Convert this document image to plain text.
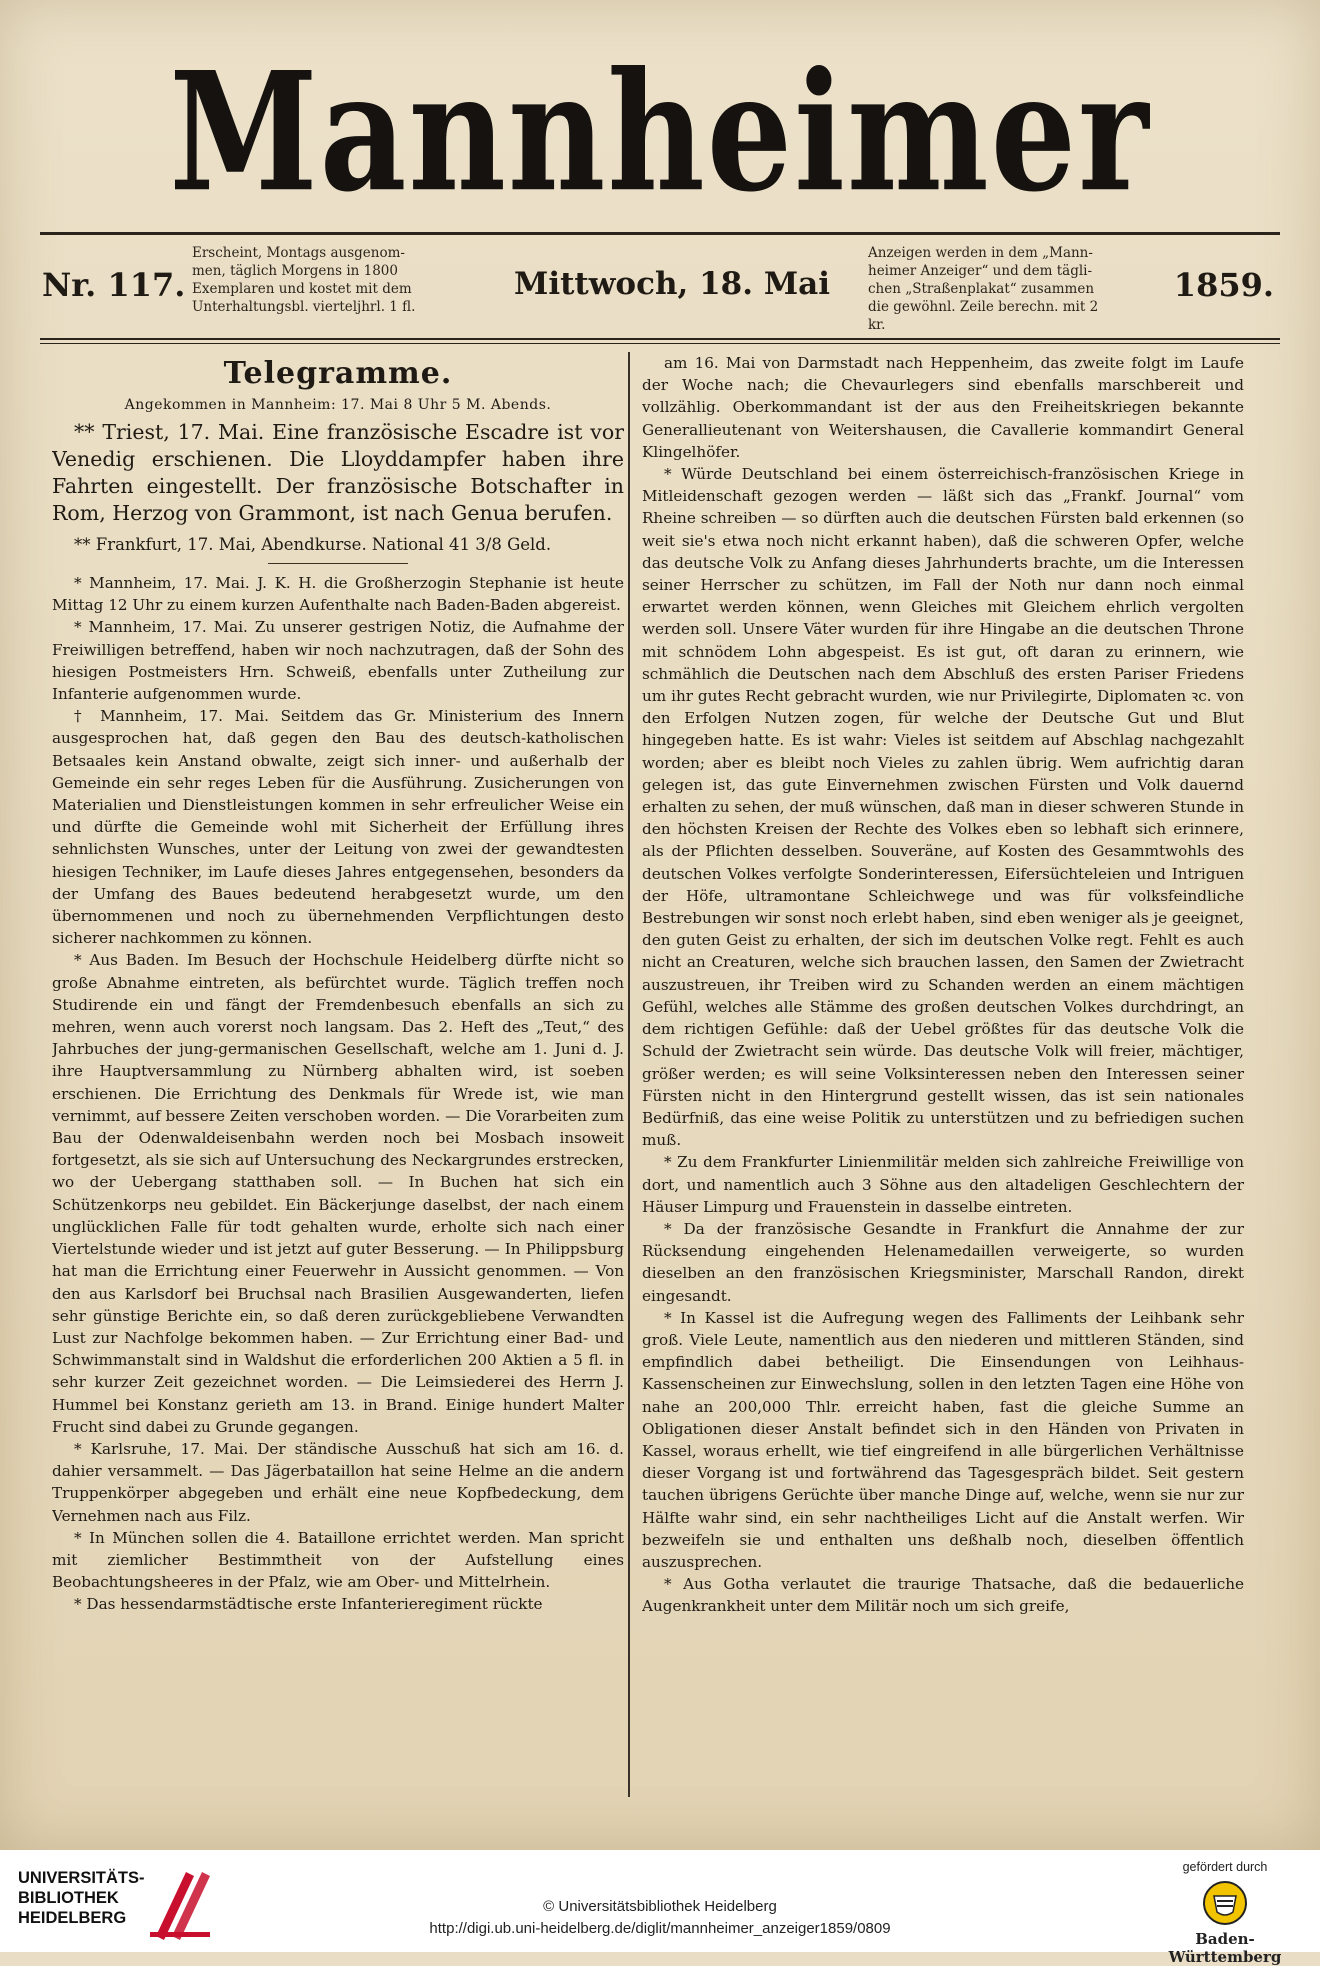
Mannheimer
Nr. 117.
Erscheint, Montags ausgenom-
men, täglich Morgens in 1800
Exemplaren und kostet mit dem
Unterhaltungsbl. vierteljhrl. 1 fl.
Mittwoch, 18. Mai
Anzeigen werden in dem „Mann-
heimer Anzeiger“ und dem tägli-
chen „Straßenplakat“ zusammen
die gewöhnl. Zeile berechn. mit 2 kr.
1859.
Telegramme.
Angekommen in Mannheim: 17. Mai 8 Uhr 5 M. Abends.

** Triest, 17. Mai. Eine französische Escadre ist vor Venedig erschienen. Die Lloyddampfer haben ihre Fahrten eingestellt. Der französische Botschafter in Rom, Herzog von Grammont, ist nach Genua berufen.

** Frankfurt, 17. Mai, Abendkurse. National 41 3/8 Geld.

* Mannheim, 17. Mai. J. K. H. die Großherzogin Stephanie ist heute Mittag 12 Uhr zu einem kurzen Aufenthalte nach Baden-Baden abgereist.

* Mannheim, 17. Mai. Zu unserer gestrigen Notiz, die Aufnahme der Freiwilligen betreffend, haben wir noch nachzutragen, daß der Sohn des hiesigen Postmeisters Hrn. Schweiß, ebenfalls unter Zutheilung zur Infanterie aufgenommen wurde.

† Mannheim, 17. Mai. Seitdem das Gr. Ministerium des Innern ausgesprochen hat, daß gegen den Bau des deutsch-katholischen Betsaales kein Anstand obwalte, zeigt sich inner- und außerhalb der Gemeinde ein sehr reges Leben für die Ausführung. Zusicherungen von Materialien und Dienstleistungen kommen in sehr erfreulicher Weise ein und dürfte die Gemeinde wohl mit Sicherheit der Erfüllung ihres sehnlichsten Wunsches, unter der Leitung von zwei der gewandtesten hiesigen Techniker, im Laufe dieses Jahres entgegensehen, besonders da der Umfang des Baues bedeutend herabgesetzt wurde, um den übernommenen und noch zu übernehmenden Verpflichtungen desto sicherer nachkommen zu können.

* Aus Baden. Im Besuch der Hochschule Heidelberg dürfte nicht so große Abnahme eintreten, als befürchtet wurde. Täglich treffen noch Studirende ein und fängt der Fremdenbesuch ebenfalls an sich zu mehren, wenn auch vorerst noch langsam. Das 2. Heft des „Teut,“ des Jahrbuches der jung-germanischen Gesellschaft, welche am 1. Juni d. J. ihre Hauptversammlung zu Nürnberg abhalten wird, ist soeben erschienen. Die Errichtung des Denkmals für Wrede ist, wie man vernimmt, auf bessere Zeiten verschoben worden. — Die Vorarbeiten zum Bau der Odenwaldeisenbahn werden noch bei Mosbach insoweit fortgesetzt, als sie sich auf Untersuchung des Neckargrundes erstrecken, wo der Uebergang statthaben soll. — In Buchen hat sich ein Schützenkorps neu gebildet. Ein Bäckerjunge daselbst, der nach einem unglücklichen Falle für todt gehalten wurde, erholte sich nach einer Viertelstunde wieder und ist jetzt auf guter Besserung. — In Philippsburg hat man die Errichtung einer Feuerwehr in Aussicht genommen. — Von den aus Karlsdorf bei Bruchsal nach Brasilien Ausgewanderten, liefen sehr günstige Berichte ein, so daß deren zurückgebliebene Verwandten Lust zur Nachfolge bekommen haben. — Zur Errichtung einer Bad- und Schwimmanstalt sind in Waldshut die erforderlichen 200 Aktien a 5 fl. in sehr kurzer Zeit gezeichnet worden. — Die Leimsiederei des Herrn J. Hummel bei Konstanz gerieth am 13. in Brand. Einige hundert Malter Frucht sind dabei zu Grunde gegangen.

* Karlsruhe, 17. Mai. Der ständische Ausschuß hat sich am 16. d. dahier versammelt. — Das Jägerbataillon hat seine Helme an die andern Truppenkörper abgegeben und erhält eine neue Kopfbedeckung, dem Vernehmen nach aus Filz.

* In München sollen die 4. Bataillone errichtet werden. Man spricht mit ziemlicher Bestimmtheit von der Aufstellung eines Beobachtungsheeres in der Pfalz, wie am Ober- und Mittelrhein.

* Das hessendarmstädtische erste Infanterieregiment rückte

am 16. Mai von Darmstadt nach Heppenheim, das zweite folgt im Laufe der Woche nach; die Chevaurlegers sind ebenfalls marschbereit und vollzählig. Oberkommandant ist der aus den Freiheitskriegen bekannte Generallieutenant von Weitershausen, die Cavallerie kommandirt General Klingelhöfer.

* Würde Deutschland bei einem österreichisch-französischen Kriege in Mitleidenschaft gezogen werden — läßt sich das „Frankf. Journal“ vom Rheine schreiben — so dürften auch die deutschen Fürsten bald erkennen (so weit sie's etwa noch nicht erkannt haben), daß die schweren Opfer, welche das deutsche Volk zu Anfang dieses Jahrhunderts brachte, um die Interessen seiner Herrscher zu schützen, im Fall der Noth nur dann noch einmal erwartet werden können, wenn Gleiches mit Gleichem ehrlich vergolten werden soll. Unsere Väter wurden für ihre Hingabe an die deutschen Throne mit schnödem Lohn abgespeist. Es ist gut, oft daran zu erinnern, wie schmählich die Deutschen nach dem Abschluß des ersten Pariser Friedens um ihr gutes Recht gebracht wurden, wie nur Privilegirte, Diplomaten ꝛc. von den Erfolgen Nutzen zogen, für welche der Deutsche Gut und Blut hingegeben hatte. Es ist wahr: Vieles ist seitdem auf Abschlag nachgezahlt worden; aber es bleibt noch Vieles zu zahlen übrig. Wem aufrichtig daran gelegen ist, das gute Einvernehmen zwischen Fürsten und Volk dauernd erhalten zu sehen, der muß wünschen, daß man in dieser schweren Stunde in den höchsten Kreisen der Rechte des Volkes eben so lebhaft sich erinnere, als der Pflichten desselben. Souveräne, auf Kosten des Gesammtwohls des deutschen Volkes verfolgte Sonderinteressen, Eifersüchteleien und Intriguen der Höfe, ultramontane Schleichwege und was für volksfeindliche Bestrebungen wir sonst noch erlebt haben, sind eben weniger als je geeignet, den guten Geist zu erhalten, der sich im deutschen Volke regt. Fehlt es auch nicht an Creaturen, welche sich brauchen lassen, den Samen der Zwietracht auszustreuen, ihr Treiben wird zu Schanden werden an einem mächtigen Gefühl, welches alle Stämme des großen deutschen Volkes durchdringt, an dem richtigen Gefühle: daß der Uebel größtes für das deutsche Volk die Schuld der Zwietracht sein würde. Das deutsche Volk will freier, mächtiger, größer werden; es will seine Volksinteressen neben den Interessen seiner Fürsten nicht in den Hintergrund gestellt wissen, das ist sein nationales Bedürfniß, das eine weise Politik zu unterstützen und zu befriedigen suchen muß.

* Zu dem Frankfurter Linienmilitär melden sich zahlreiche Freiwillige von dort, und namentlich auch 3 Söhne aus den altadeligen Geschlechtern der Häuser Limpurg und Frauenstein in dasselbe eintreten.

* Da der französische Gesandte in Frankfurt die Annahme der zur Rücksendung eingehenden Helenamedaillen verweigerte, so wurden dieselben an den französischen Kriegsminister, Marschall Randon, direkt eingesandt.

* In Kassel ist die Aufregung wegen des Falliments der Leihbank sehr groß. Viele Leute, namentlich aus den niederen und mittleren Ständen, sind empfindlich dabei betheiligt. Die Einsendungen von Leihhaus-Kassenscheinen zur Einwechslung, sollen in den letzten Tagen eine Höhe von nahe an 200,000 Thlr. erreicht haben, fast die gleiche Summe an Obligationen dieser Anstalt befindet sich in den Händen von Privaten in Kassel, woraus erhellt, wie tief eingreifend in alle bürgerlichen Verhältnisse dieser Vorgang ist und fortwährend das Tagesgespräch bildet. Seit gestern tauchen übrigens Gerüchte über manche Dinge auf, welche, wenn sie nur zur Hälfte wahr sind, ein sehr nachtheiliges Licht auf die Anstalt werfen. Wir bezweifeln sie und enthalten uns deßhalb noch, dieselben öffentlich auszusprechen.

* Aus Gotha verlautet die traurige Thatsache, daß die bedauerliche Augenkrankheit unter dem Militär noch um sich greife,

UNIVERSITÄTS-
BIBLIOTHEK
HEIDELBERG
© Universitätsbibliothek Heidelberg
http://digi.ub.uni-heidelberg.de/diglit/mannheimer_anzeiger1859/0809
gefördert durch
Baden-Württemberg
